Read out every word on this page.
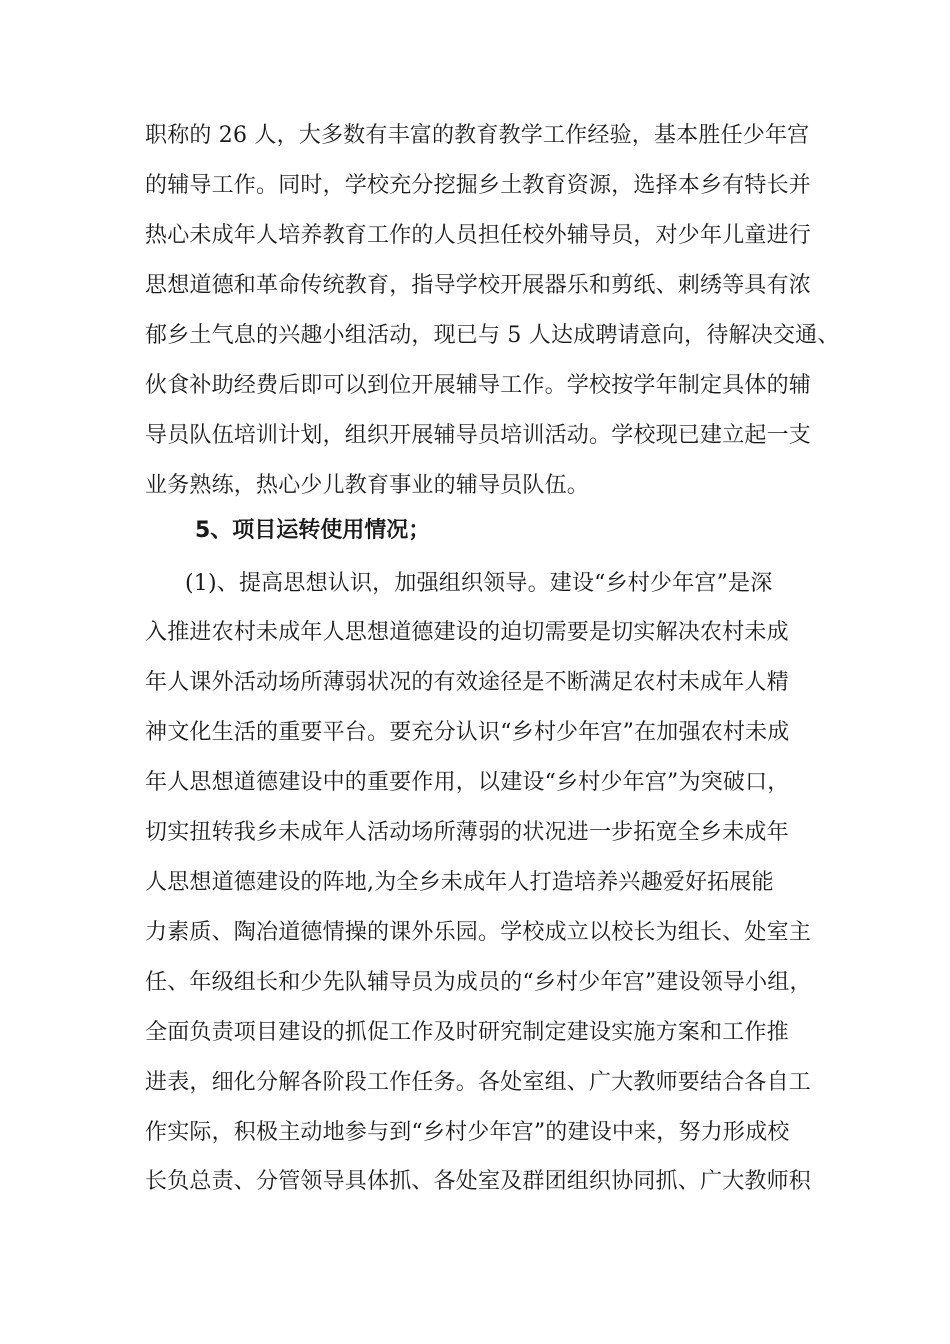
职称的 26 人，大多数有丰富的教育教学工作经验，基本胜任少年宫
的辅导工作。同时，学校充分挖掘乡土教育资源，选择本乡有特长并
热心未成年人培养教育工作的人员担任校外辅导员，对少年儿童进行
思想道德和革命传统教育，指导学校开展器乐和剪纸、刺绣等具有浓
郁乡土气息的兴趣小组活动，现已与 5 人达成聘请意向，待解决交通、
伙食补助经费后即可以到位开展辅导工作。学校按学年制定具体的辅
导员队伍培训计划，组织开展辅导员培训活动。学校现已建立起一支
业务熟练，热心少儿教育事业的辅导员队伍。
5、项目运转使用情况；
(1)、提高思想认识，加强组织领导。建设“乡村少年宫”是深
入推进农村未成年人思想道德建设的迫切需要是切实解决农村未成
年人课外活动场所薄弱状况的有效途径是不断满足农村未成年人精
神文化生活的重要平台。要充分认识“乡村少年宫”在加强农村未成
年人思想道德建设中的重要作用，以建设“乡村少年宫”为突破口，
切实扭转我乡未成年人活动场所薄弱的状况进一步拓宽全乡未成年
人思想道德建设的阵地,为全乡未成年人打造培养兴趣爱好拓展能
力素质、陶冶道德情操的课外乐园。学校成立以校长为组长、处室主
任、年级组长和少先队辅导员为成员的“乡村少年宫”建设领导小组，
全面负责项目建设的抓促工作及时研究制定建设实施方案和工作推
进表，细化分解各阶段工作任务。各处室组、广大教师要结合各自工
作实际，积极主动地参与到“乡村少年宫”的建设中来，努力形成校
长负总责、分管领导具体抓、各处室及群团组织协同抓、广大教师积
